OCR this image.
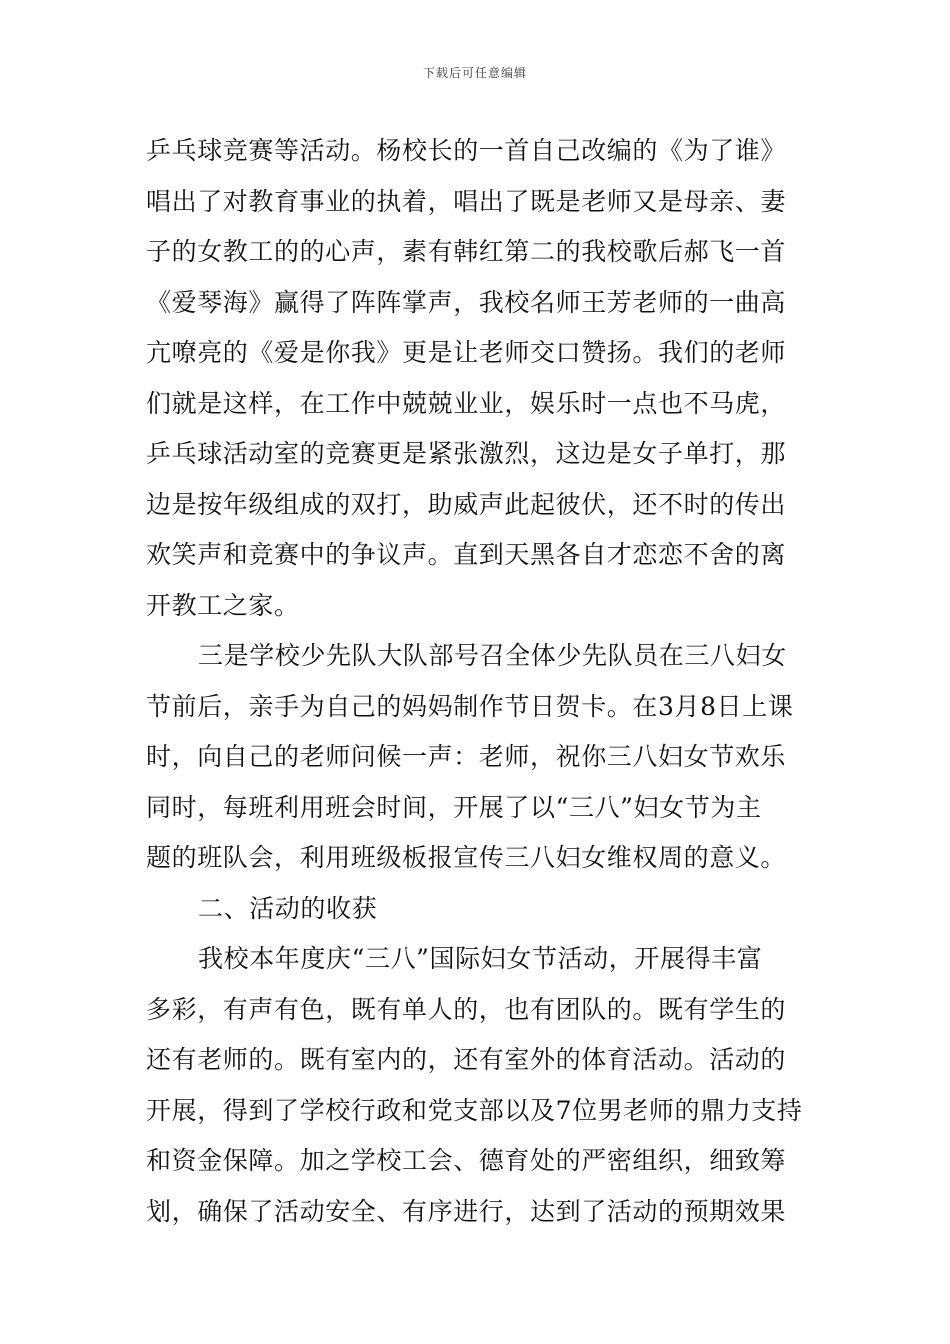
下载后可任意编辑
乒乓球竞赛等活动。杨校长的一首自己改编的《为了谁》
唱出了对教育事业的执着，唱出了既是老师又是母亲、妻
子的女教工的的心声，素有韩红第二的我校歌后郝飞一首
《爱琴海》赢得了阵阵掌声，我校名师王芳老师的一曲高
亢嘹亮的《爱是你我》更是让老师交口赞扬。我们的老师
们就是这样，在工作中兢兢业业，娱乐时一点也不马虎，
乒乓球活动室的竞赛更是紧张激烈，这边是女子单打，那
边是按年级组成的双打，助威声此起彼伏，还不时的传出
欢笑声和竞赛中的争议声。直到天黑各自才恋恋不舍的离
开教工之家。
三是学校少先队大队部号召全体少先队员在三八妇女
节前后，亲手为自己的妈妈制作节日贺卡。在3月8日上课
时，向自己的老师问候一声：老师，祝你三八妇女节欢乐
同时，每班利用班会时间，开展了以“三八”妇女节为主
题的班队会，利用班级板报宣传三八妇女维权周的意义。
二、活动的收获
我校本年度庆“三八”国际妇女节活动，开展得丰富
多彩，有声有色，既有单人的，也有团队的。既有学生的
还有老师的。既有室内的，还有室外的体育活动。活动的
开展，得到了学校行政和党支部以及7位男老师的鼎力支持
和资金保障。加之学校工会、德育处的严密组织，细致筹
划，确保了活动安全、有序进行，达到了活动的预期效果
